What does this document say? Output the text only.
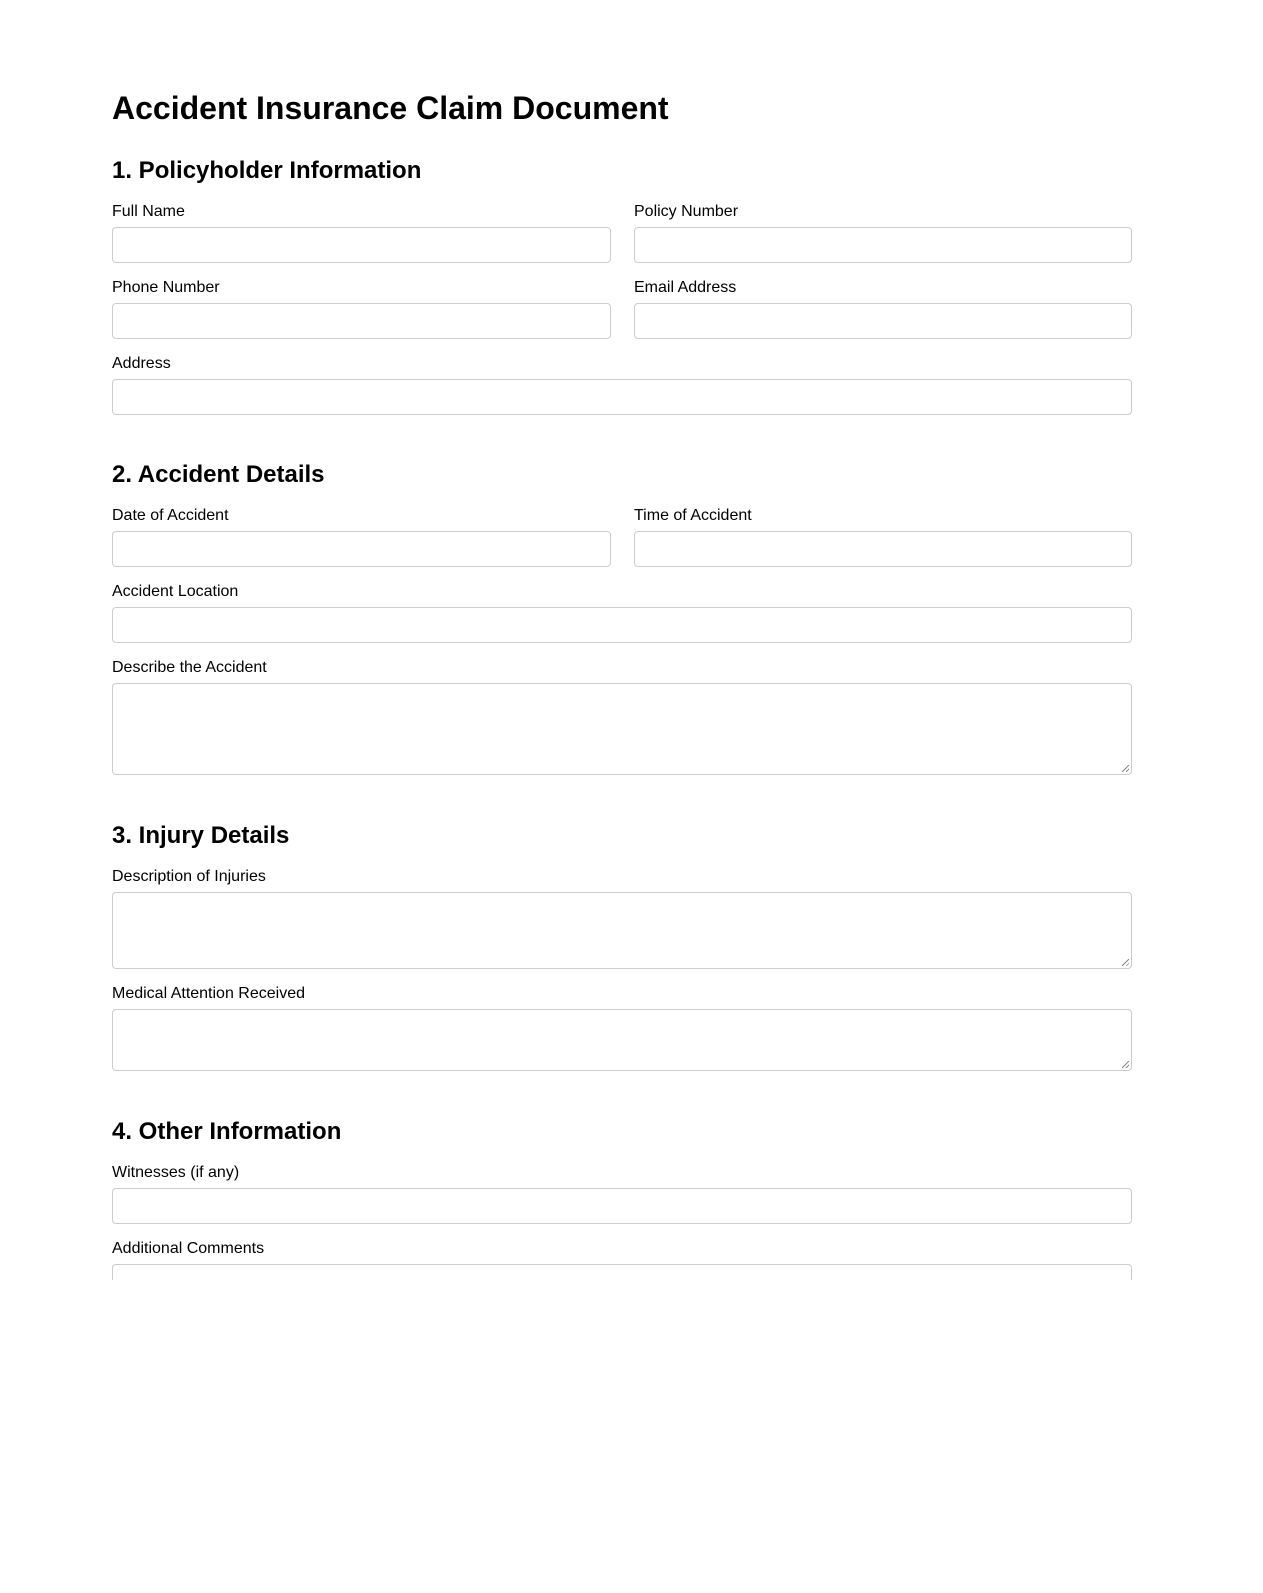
Accident Insurance Claim Document
1. Policyholder Information
Full Name	Policy Number
Phone Number	Email Address
Address
2. Accident Details
Date of Accident	Time of Accident
Accident Location
Describe the Accident
3. Injury Details
Description of Injuries
Medical Attention Received
4. Other Information
Witnesses (if any)
Additional Comments
